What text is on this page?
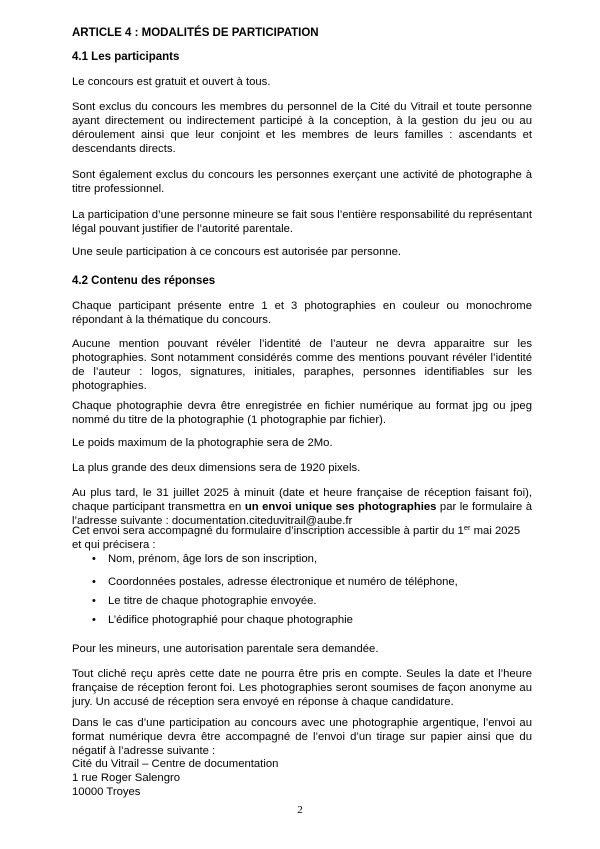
ARTICLE 4 : MODALITÉS DE PARTICIPATION
4.1 Les participants

Le concours est gratuit et ouvert à tous.

Sont exclus du concours les membres du personnel de la Cité du Vitrail et toute personne ayant directement ou indirectement participé à la conception, à la gestion du jeu ou au déroulement ainsi que leur conjoint et les membres de leurs familles : ascendants et descendants directs.

Sont également exclus du concours les personnes exerçant une activité de photographe à titre professionnel.

La participation d’une personne mineure se fait sous l’entière responsabilité du représentant légal pouvant justifier de l’autorité parentale.

Une seule participation à ce concours est autorisée par personne.

4.2 Contenu des réponses

Chaque participant présente entre 1 et 3 photographies en couleur ou monochrome répondant à la thématique du concours.

Aucune mention pouvant révéler l’identité de l’auteur ne devra apparaitre sur les photographies. Sont notamment considérés comme des mentions pouvant révéler l’identité de l’auteur : logos, signatures, initiales, paraphes, personnes identifiables sur les photographies.

Chaque photographie devra être enregistrée en fichier numérique au format jpg ou jpeg nommé du titre de la photographie (1 photographie par fichier).

Le poids maximum de la photographie sera de 2Mo.

La plus grande des deux dimensions sera de 1920 pixels.

Au plus tard, le 31 juillet 2025 à minuit (date et heure française de réception faisant foi), chaque participant transmettra en un envoi unique ses photographies par le formulaire à l’adresse suivante : documentation.citeduvitrail@aube.fr

Cet envoi sera accompagné du formulaire d’inscription accessible à partir du 1er mai 2025 et qui précisera :

• Nom, prénom, âge lors de son inscription,
• Coordonnées postales, adresse électronique et numéro de téléphone,
• Le titre de chaque photographie envoyée.
• L’édifice photographié pour chaque photographie

Pour les mineurs, une autorisation parentale sera demandée.

Tout cliché reçu après cette date ne pourra être pris en compte. Seules la date et l’heure française de réception feront foi. Les photographies seront soumises de façon anonyme au jury. Un accusé de réception sera envoyé en réponse à chaque candidature.

Dans le cas d’une participation au concours avec une photographie argentique, l’envoi au format numérique devra être accompagné de l’envoi d’un tirage sur papier ainsi que du négatif à l’adresse suivante :

Cité du Vitrail – Centre de documentation
1 rue Roger Salengro
10000 Troyes
2
